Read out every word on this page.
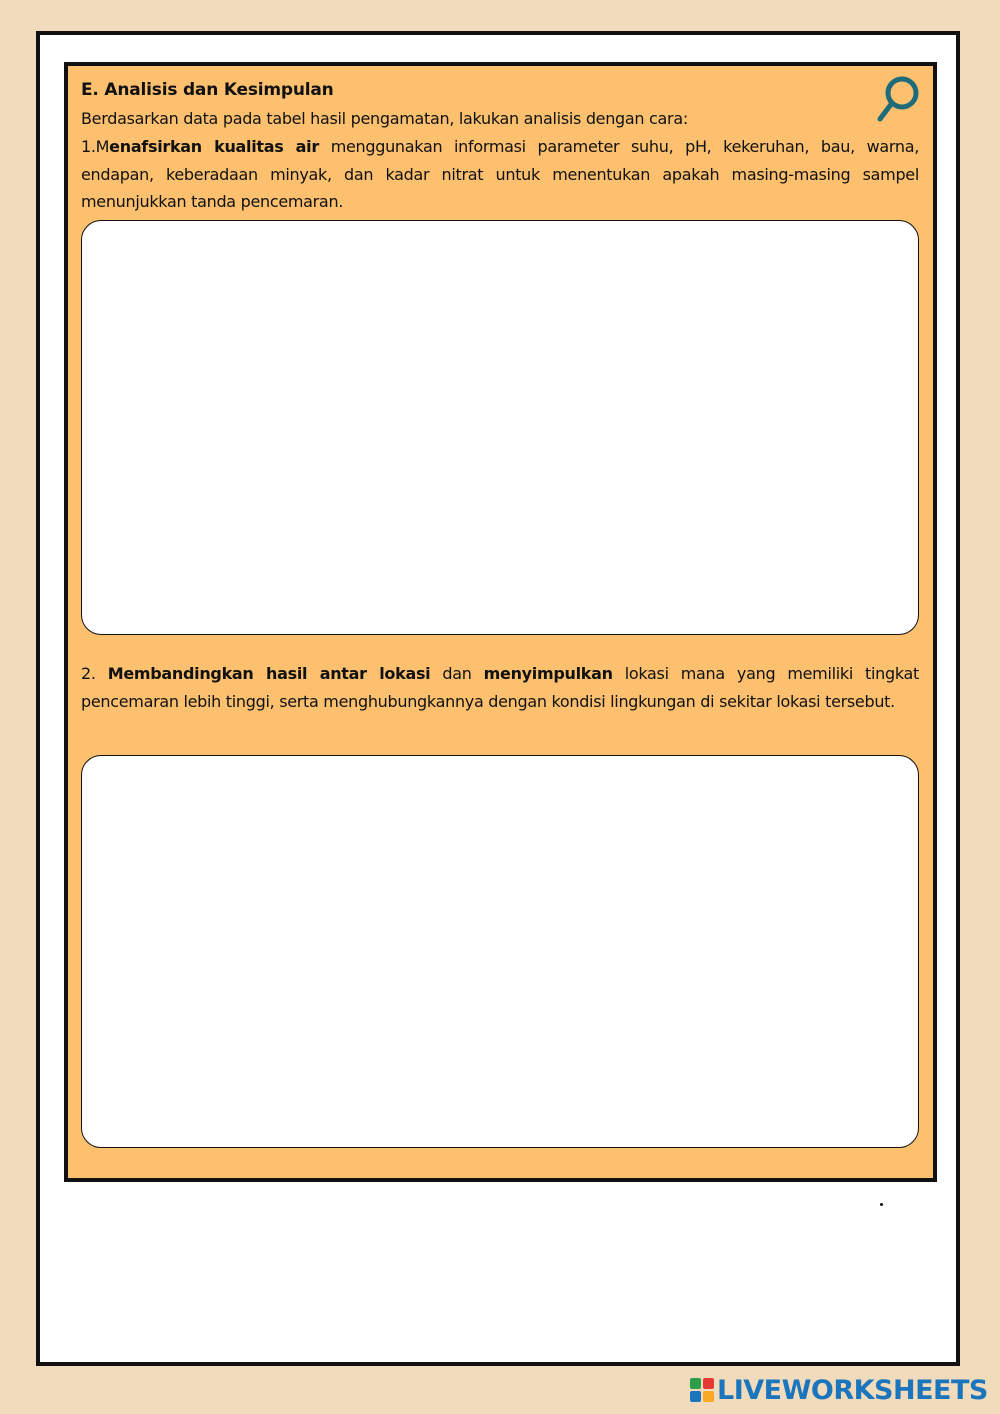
E. Analisis dan Kesimpulan
Berdasarkan data pada tabel hasil pengamatan, lakukan analisis dengan cara:
1.Menafsirkan kualitas air menggunakan informasi parameter suhu, pH, kekeruhan, bau, warna, endapan, keberadaan minyak, dan kadar nitrat untuk menentukan apakah masing-masing sampel menunjukkan tanda pencemaran.
2. Membandingkan hasil antar lokasi dan menyimpulkan lokasi mana yang memiliki tingkat pencemaran lebih tinggi, serta menghubungkannya dengan kondisi lingkungan di sekitar lokasi tersebut.
LIVEWORKSHEETS
